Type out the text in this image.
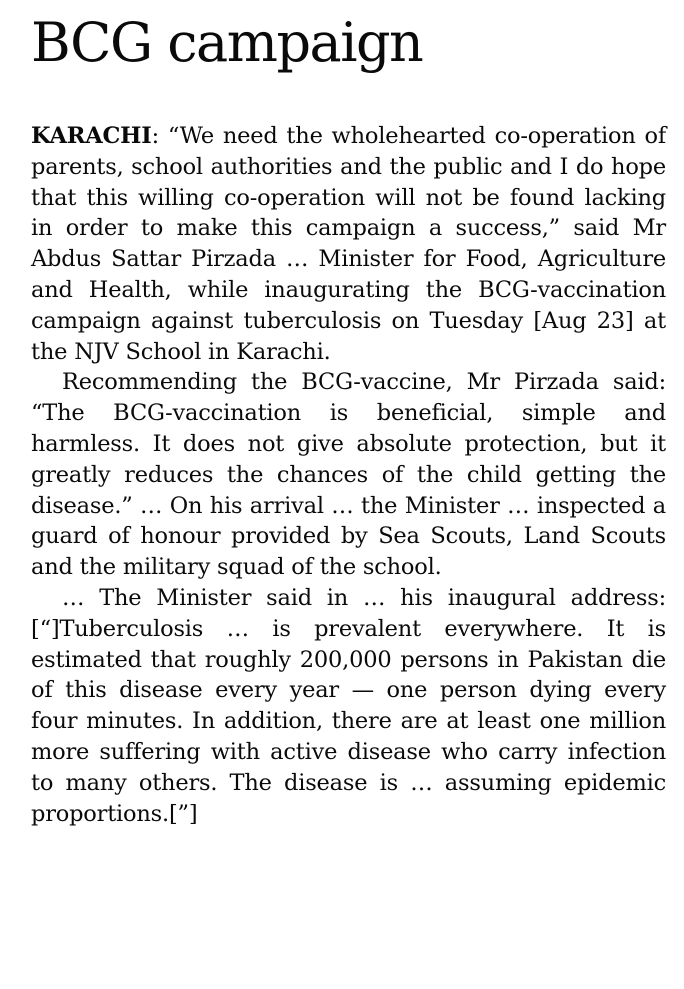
BCG campaign

KARACHI: “We need the wholehearted co-operation of parents, school authorities and the public and I do hope that this willing co-operation will not be found lacking in order to make this campaign a success,” said Mr Abdus Sattar Pirzada … Minister for Food, Agriculture and Health, while inaugurating the BCG-vaccination campaign against tuberculosis on Tuesday [Aug 23] at the NJV School in Karachi.

Recommending the BCG-vaccine, Mr Pirzada said: “The BCG-vaccination is beneficial, simple and harmless. It does not give absolute protection, but it greatly reduces the chances of the child getting the disease.” … On his arrival … the Minister … inspected a guard of honour provided by Sea Scouts, Land Scouts and the military squad of the school.

… The Minister said in … his inaugural address: [“]Tuberculosis … is prevalent everywhere. It is estimated that roughly 200,000 persons in Pakistan die of this disease every year — one person dying every four minutes. In addition, there are at least one million more suffering with active disease who carry infection to many others. The disease is … assuming epidemic proportions.[”]
